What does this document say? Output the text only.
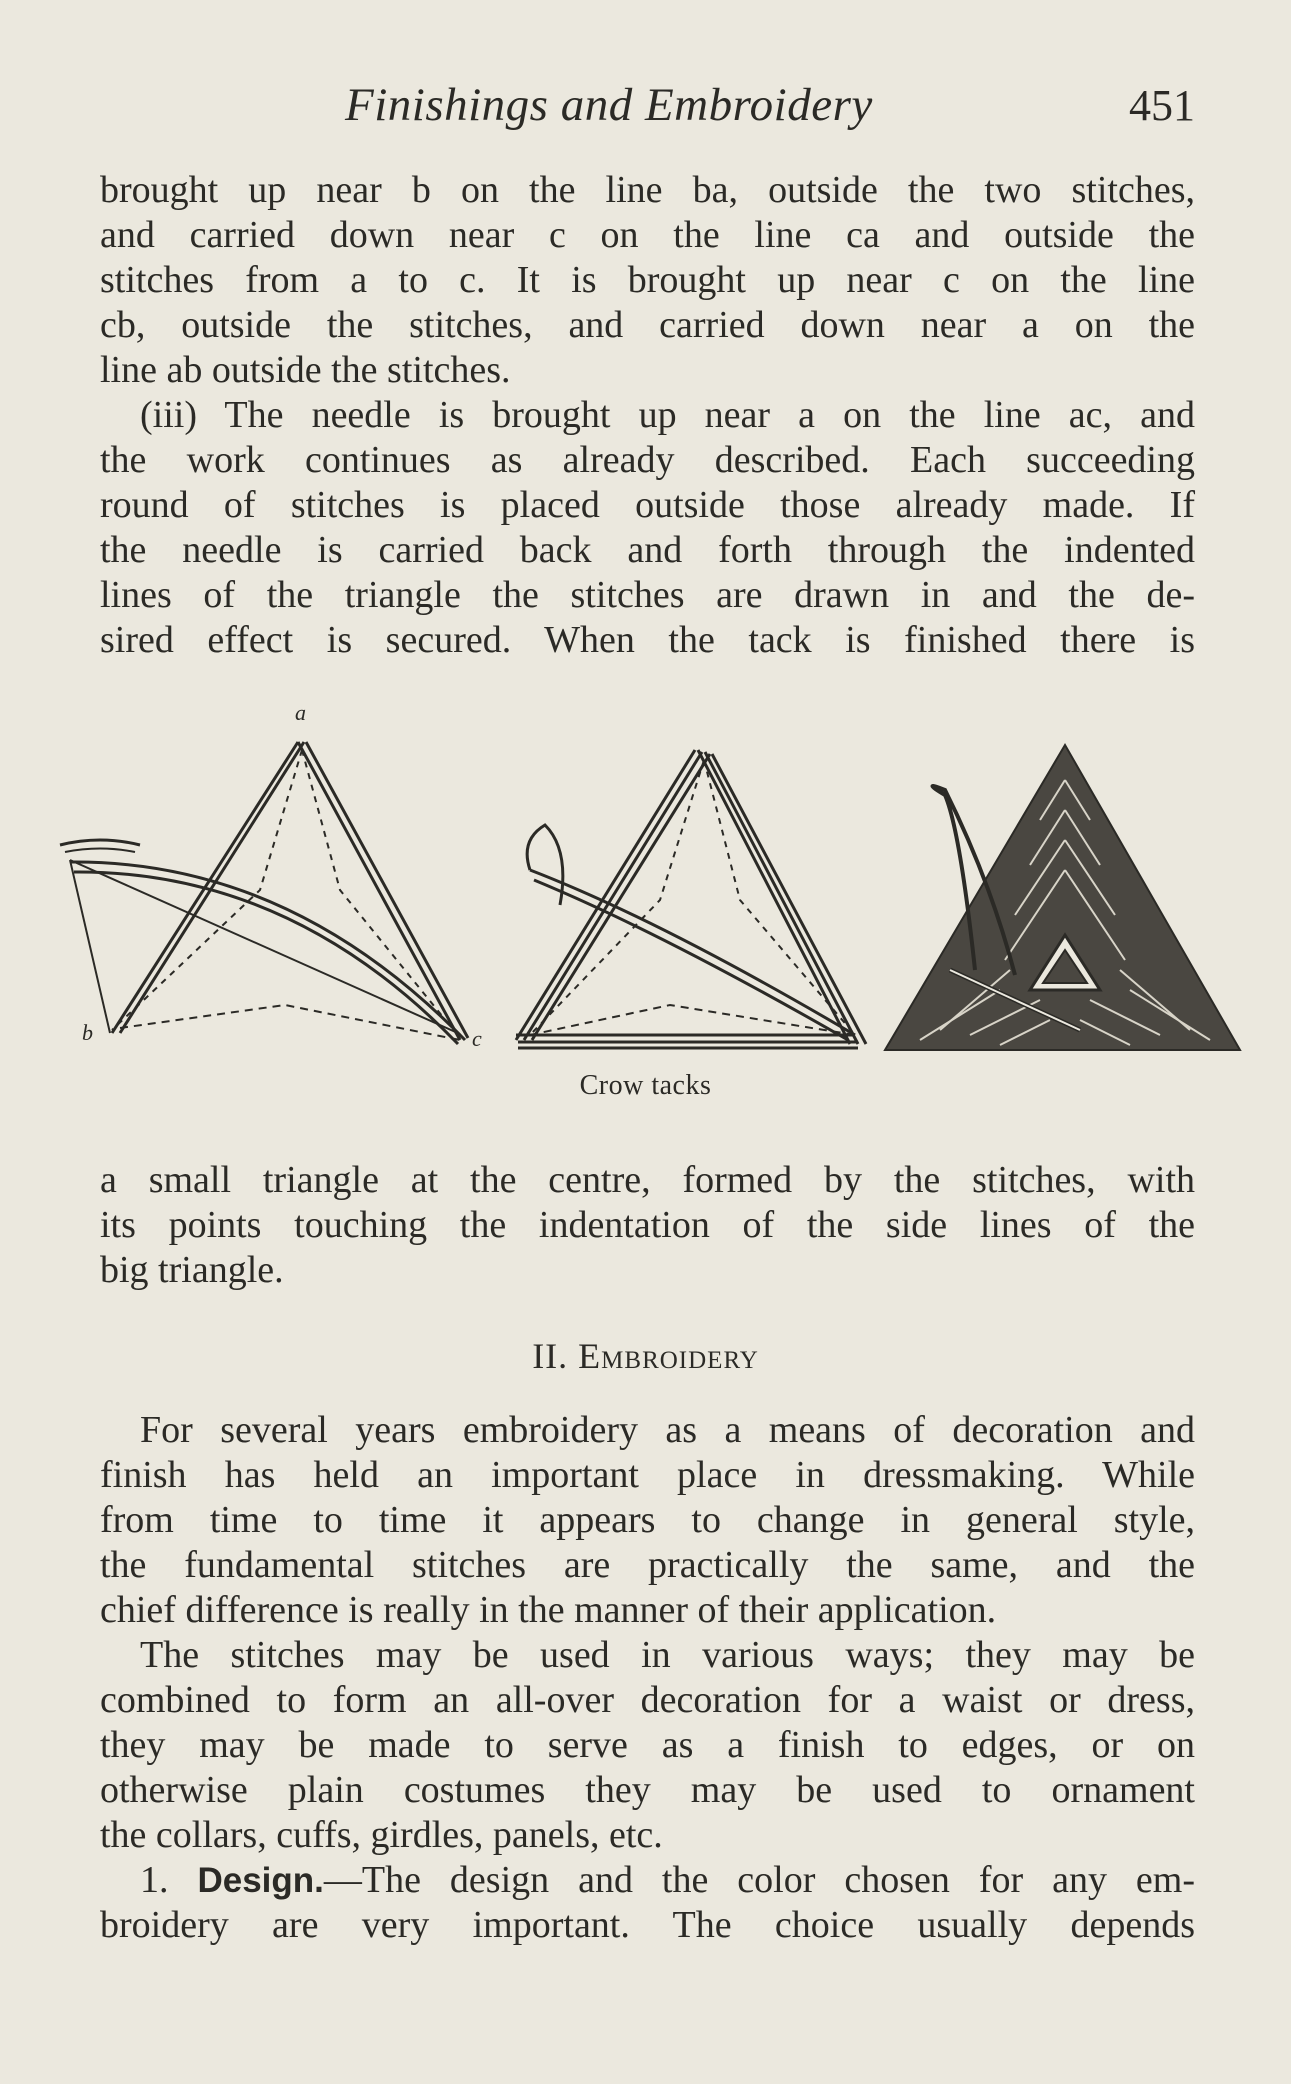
Finishings and Embroidery	451
brought up near b on the line ba, outside the two stitches,
and carried down near c on the line ca and outside the
stitches from a to c. It is brought up near c on the line
cb, outside the stitches, and carried down near a on the
line ab outside the stitches.
(iii) The needle is brought up near a on the line ac, and
the work continues as already described. Each succeeding
round of stitches is placed outside those already made. If
the needle is carried back and forth through the indented
lines of the triangle the stitches are drawn in and the de-
sired effect is secured. When the tack is finished there is
a
b	c
Crow tacks
a small triangle at the centre, formed by the stitches, with
its points touching the indentation of the side lines of the
big triangle.
II. Embroidery
For several years embroidery as a means of decoration and
finish has held an important place in dressmaking. While
from time to time it appears to change in general style,
the fundamental stitches are practically the same, and the
chief difference is really in the manner of their application.
The stitches may be used in various ways; they may be
combined to form an all-over decoration for a waist or dress,
they may be made to serve as a finish to edges, or on
otherwise plain costumes they may be used to ornament
the collars, cuffs, girdles, panels, etc.
1. Design.—The design and the color chosen for any em-
broidery are very important. The choice usually depends
